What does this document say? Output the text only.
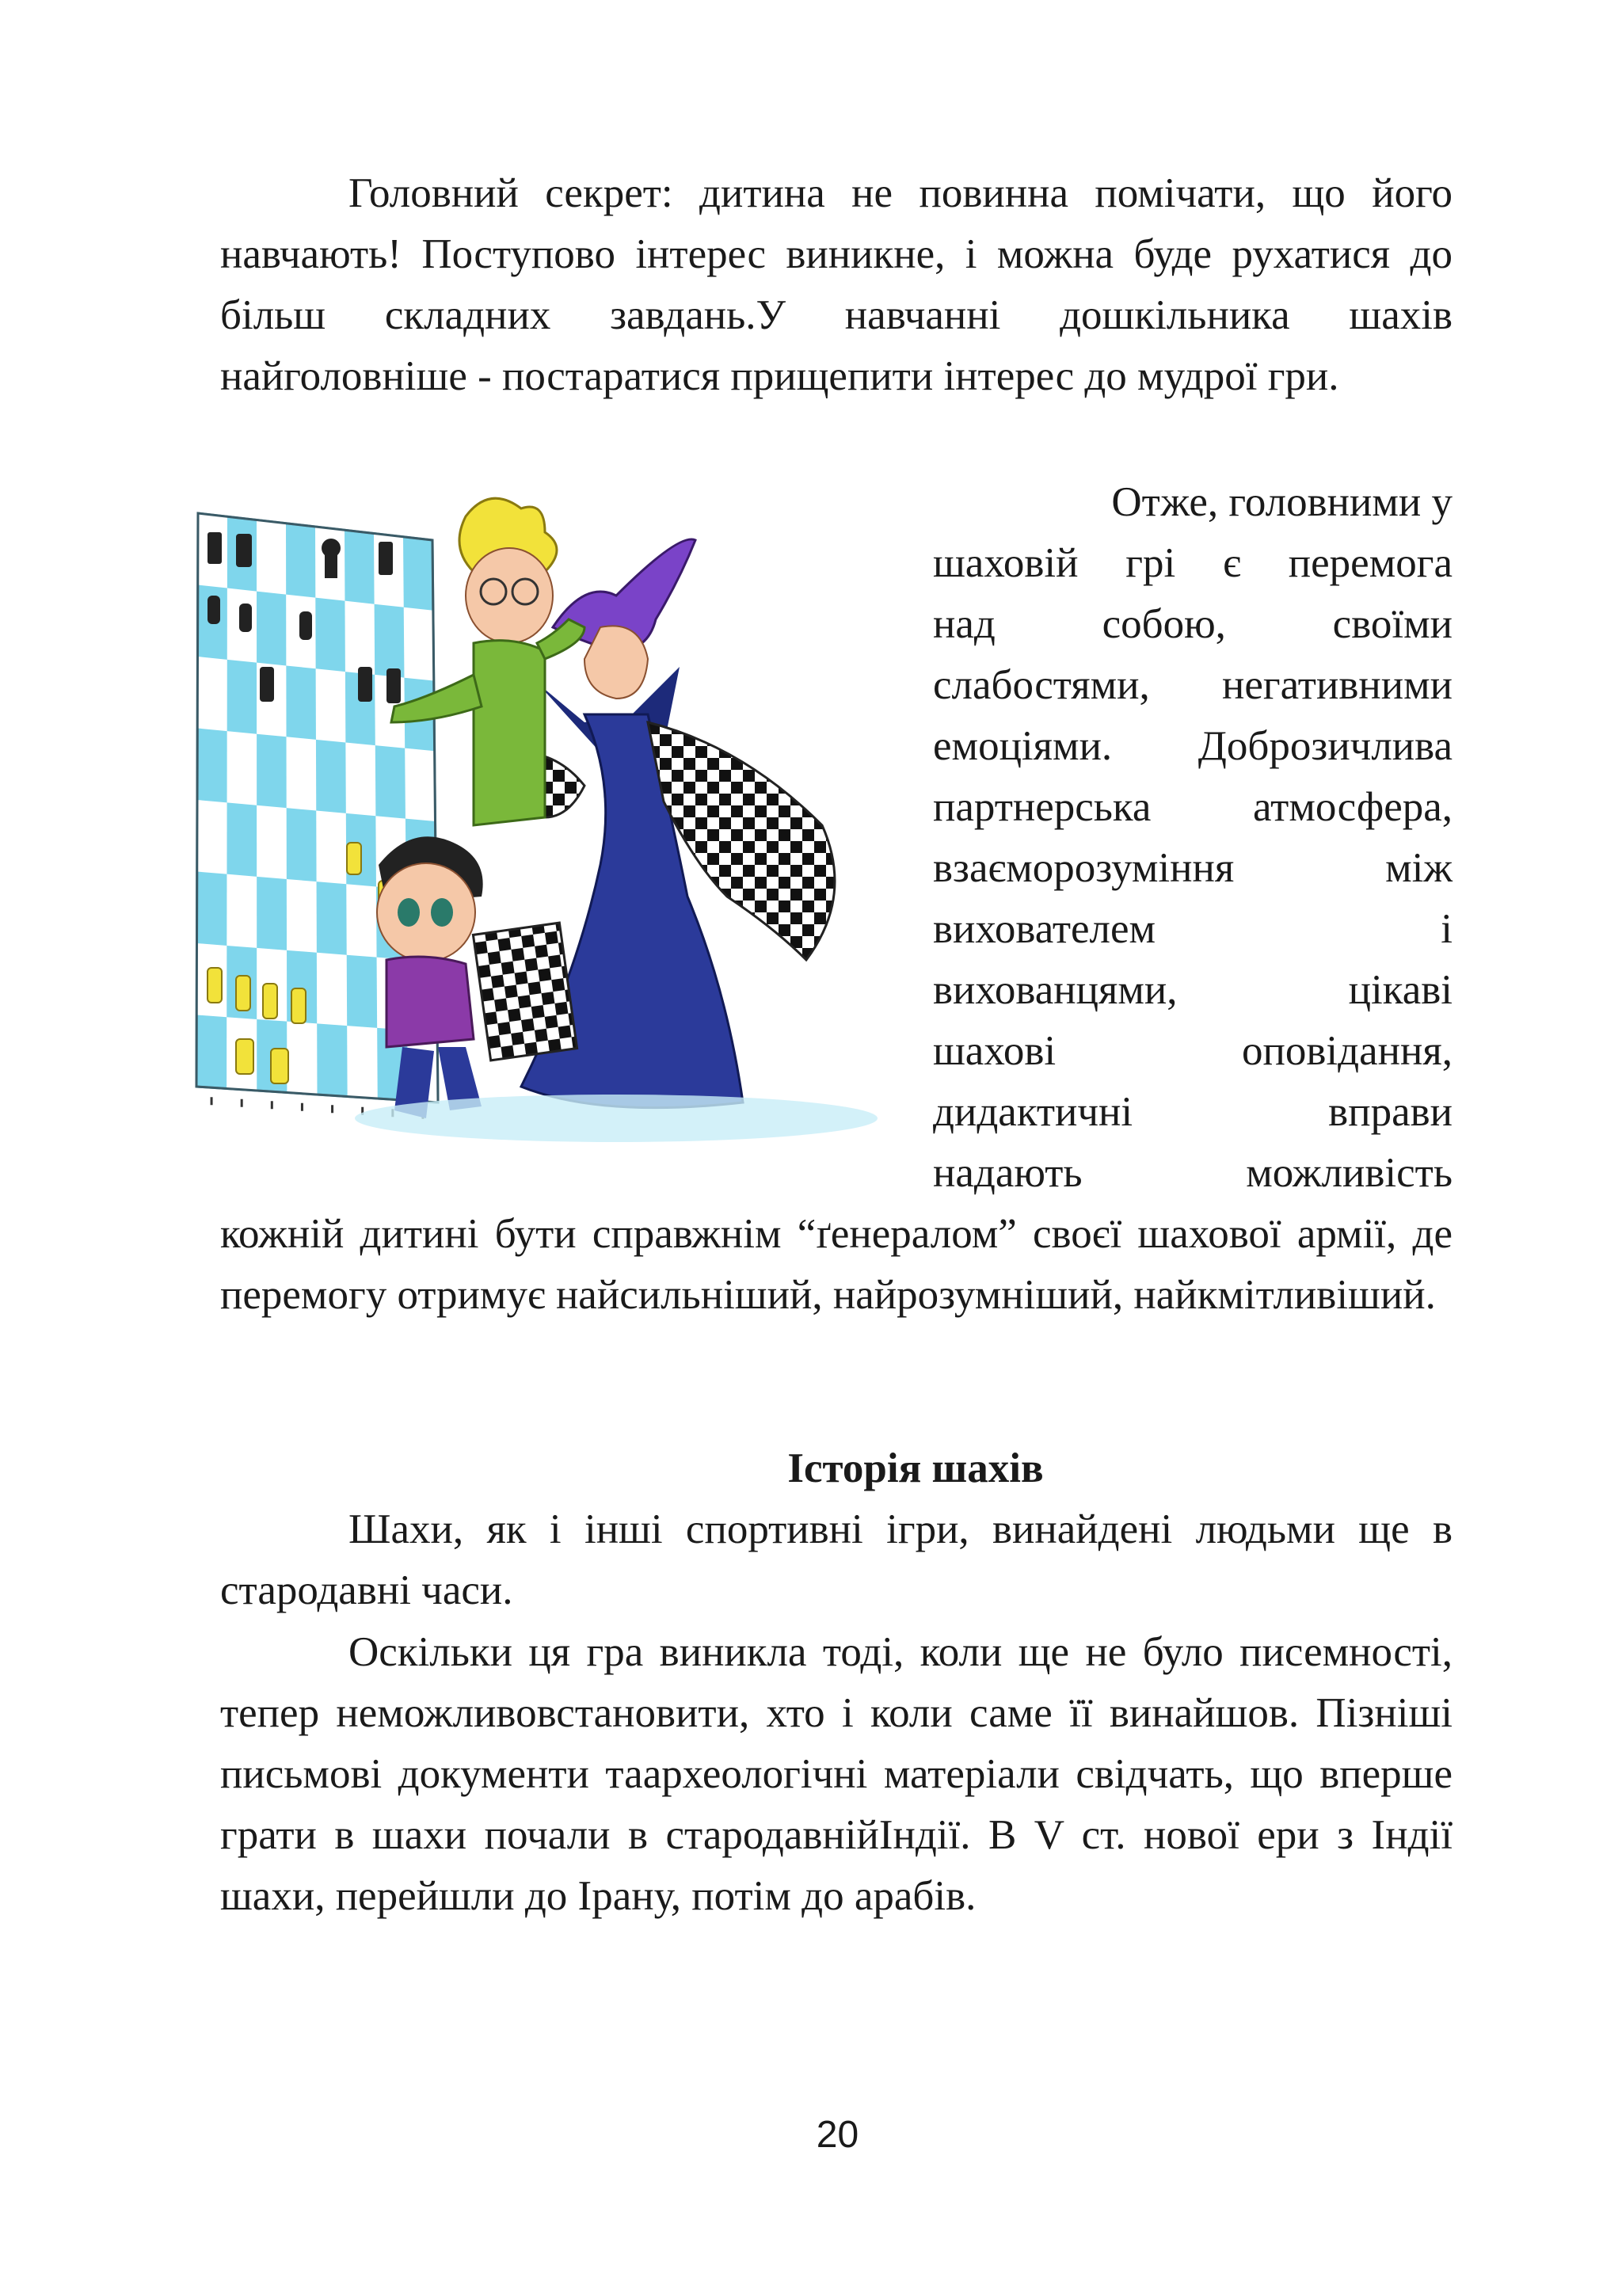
Головний секрет: дитина не повинна помічати, що його навчають! Поступово інтерес виникне, і можна буде рухатися до більш складних завдань.У навчанні дошкільника шахів найголовніше - постаратися прищепити інтерес до мудрої гри.

Отже, головними у
шаховій грі є перемога
над собою, своїми
слабостями, негативними
емоціями. Доброзичлива
партнерська атмосфера,
взаєморозуміння між
вихователем і
вихованцями, цікаві
шахові оповідання,
дидактичні вправи
надають можливість

кожній дитині бути справжнім “ґенералом” своєї шахової армії, де перемогу отримує найсильніший, найрозумніший, найкмітливіший.

Історія шахів

Шахи, як і інші спортивні ігри, винайдені людьми ще в стародавні часи.

Оскільки ця гра виникла тоді, коли ще не було писемності, тепер неможливовстановити, хто і коли саме її винайшов. Пізніші письмові документи таархеологічні матеріали свідчать, що вперше грати в шахи почали в стародавнійІндії. В V ст. нової ери з Індії шахи, перейшли до Ірану, потім до арабів.

20
